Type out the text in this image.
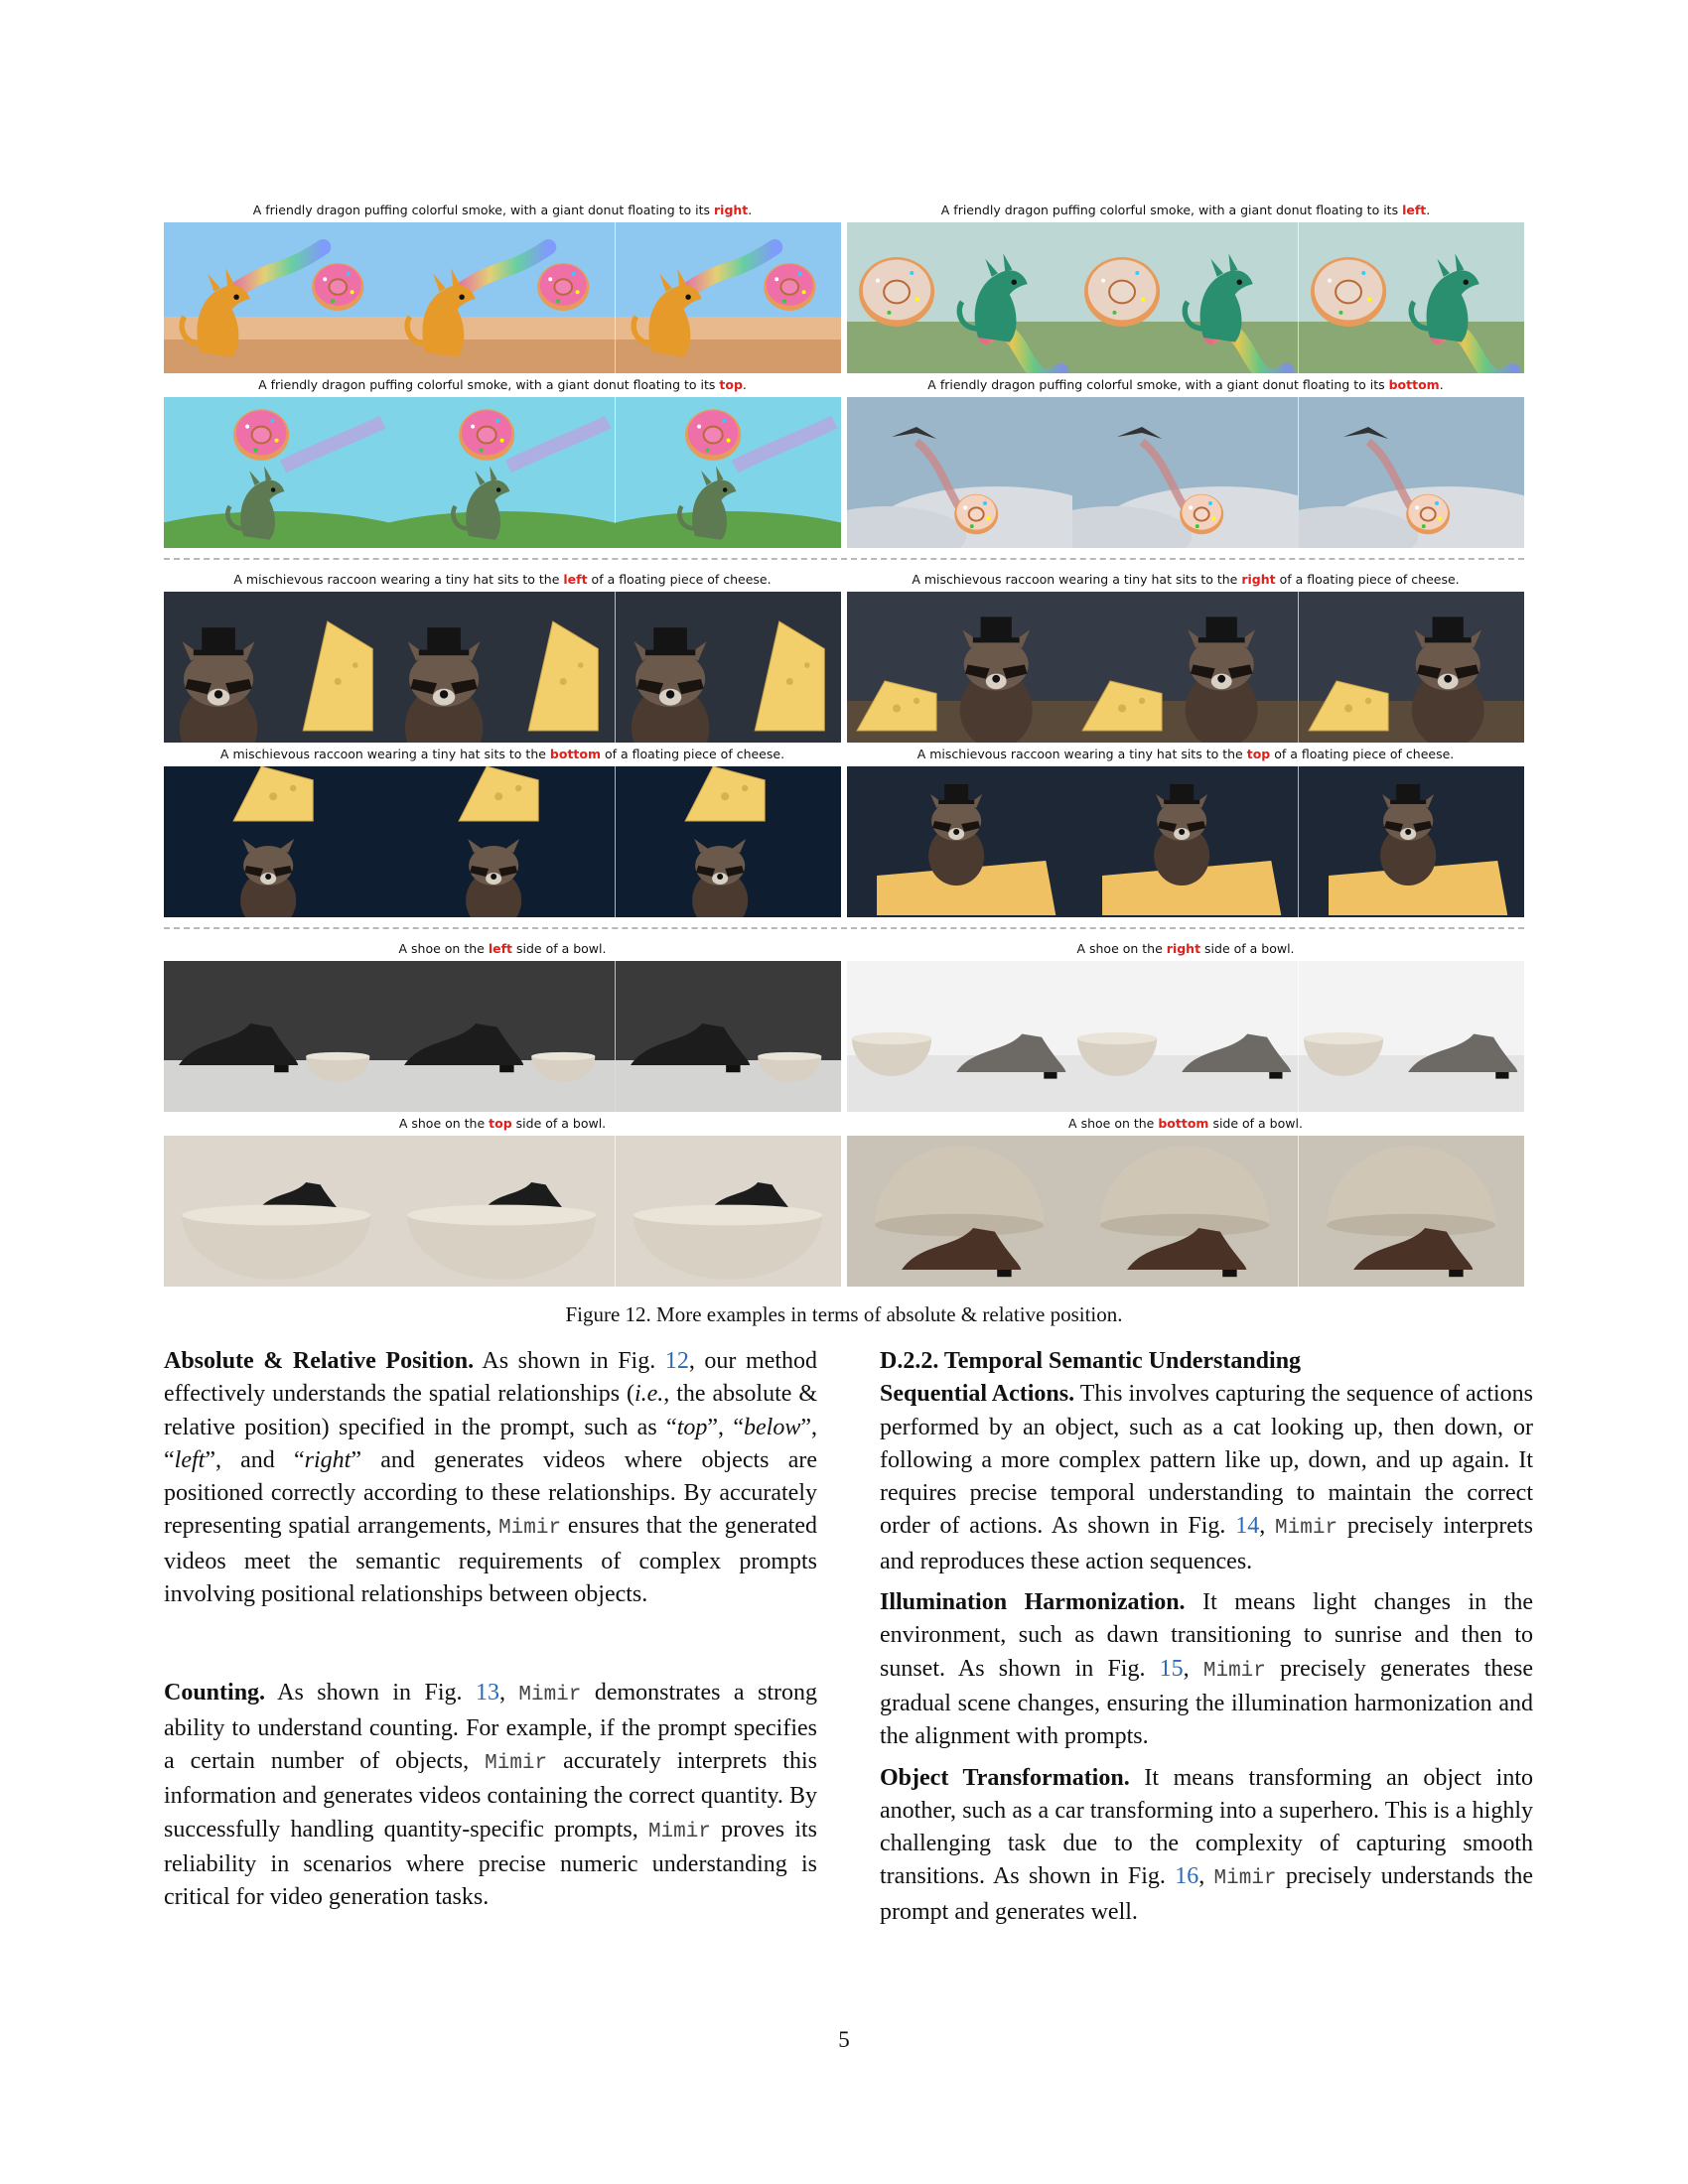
A friendly dragon puffing colorful smoke, with a giant donut floating to its right.	A friendly dragon puffing colorful smoke, with a giant donut floating to its left.
A friendly dragon puffing colorful smoke, with a giant donut floating to its top.	A friendly dragon puffing colorful smoke, with a giant donut floating to its bottom.
A mischievous raccoon wearing a tiny hat sits to the left of a floating piece of cheese.	A mischievous raccoon wearing a tiny hat sits to the right of a floating piece of cheese.
A mischievous raccoon wearing a tiny hat sits to the bottom of a floating piece of cheese.	A mischievous raccoon wearing a tiny hat sits to the top of a floating piece of cheese.
A shoe on the left side of a bowl.	A shoe on the right side of a bowl.
A shoe on the top side of a bowl.	A shoe on the bottom side of a bowl.
Figure 12. More examples in terms of absolute & relative position.

Absolute & Relative Position. As shown in Fig. 12, our method effectively understands the spatial relationships (i.e., the absolute & relative position) specified in the prompt, such as “top”, “below”, “left”, and “right” and generates videos where objects are positioned correctly according to these relationships. By accurately representing spatial arrangements, Mimir ensures that the generated videos meet the semantic requirements of complex prompts involving positional relationships between objects.

Counting. As shown in Fig. 13, Mimir demonstrates a strong ability to understand counting. For example, if the prompt specifies a certain number of objects, Mimir accurately interprets this information and generates videos containing the correct quantity. By successfully handling quantity-specific prompts, Mimir proves its reliability in scenarios where precise numeric understanding is critical for video generation tasks.

D.2.2. Temporal Semantic Understanding

Sequential Actions. This involves capturing the sequence of actions performed by an object, such as a cat looking up, then down, or following a more complex pattern like up, down, and up again. It requires precise temporal understanding to maintain the correct order of actions. As shown in Fig. 14, Mimir precisely interprets and reproduces these action sequences.

Illumination Harmonization. It means light changes in the environment, such as dawn transitioning to sunrise and then to sunset. As shown in Fig. 15, Mimir precisely generates these gradual scene changes, ensuring the illumination harmonization and the alignment with prompts.

Object Transformation. It means transforming an object into another, such as a car transforming into a superhero. This is a highly challenging task due to the complexity of capturing smooth transitions. As shown in Fig. 16, Mimir precisely understands the prompt and generates well.

5
